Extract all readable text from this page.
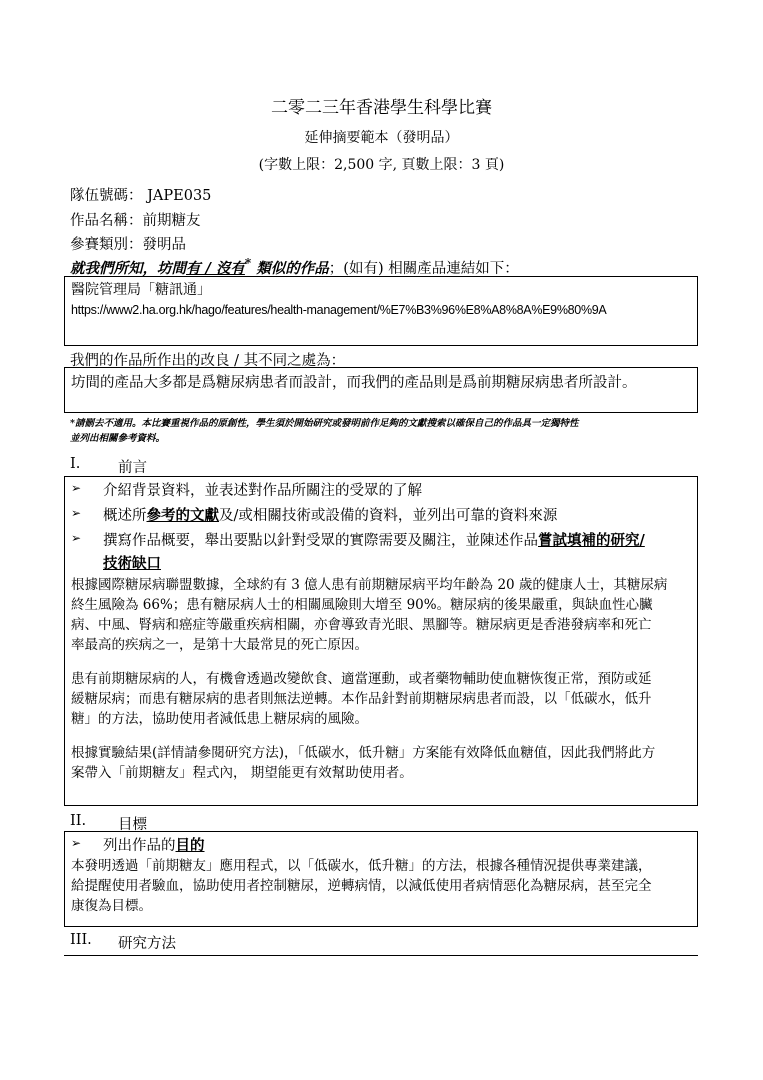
二零二三年香港學生科學比賽
延伸摘要範本（發明品）
(字數上限：2,500 字, 頁數上限：3 頁)
隊伍號碼： JAPE035
作品名稱：前期糖友
參賽類別：發明品
就我們所知，坊間有 / 沒有* 類似的作品；(如有) 相關產品連結如下：
醫院管理局「糖訊通」
https://www2.ha.org.hk/hago/features/health-management/%E7%B3%96%E8%A8%8A%E9%80%9A
我們的作品所作出的改良 / 其不同之處為：
坊間的產品大多都是爲糖尿病患者而設計，而我們的產品則是爲前期糖尿病患者所設計。
*請刪去不適用。本比賽重視作品的原創性，學生須於開始研究或發明前作足夠的文獻搜索以確保自己的作品具一定獨特性
並列出相關參考資料。
I.	前言
➢ 介紹背景資料，並表述對作品所關注的受眾的了解
➢ 概述所參考的文獻及/或相關技術或設備的資料，並列出可靠的資料來源
➢ 撰寫作品概要，舉出要點以針對受眾的實際需要及關注，並陳述作品嘗試填補的研究/
技術缺口
根據國際糖尿病聯盟數據，全球約有 3 億人患有前期糖尿病平均年齡為 20 歲的健康人士，其糖尿病
終生風險為 66%；患有糖尿病人士的相關風險則大增至 90%。糖尿病的後果嚴重，與缺血性心臟
病、中風、腎病和癌症等嚴重疾病相關，亦會導致青光眼、黑腳等。糖尿病更是香港發病率和死亡
率最高的疾病之一，是第十大最常見的死亡原因。
患有前期糖尿病的人，有機會透過改變飲食、適當運動，或者藥物輔助使血糖恢復正常，預防或延
緩糖尿病；而患有糖尿病的患者則無法逆轉。本作品針對前期糖尿病患者而設，以「低碳水，低升
糖」的方法，協助使用者減低患上糖尿病的風險。
根據實驗結果(詳情請參閱研究方法)，「低碳水，低升糖」方案能有效降低血糖值，因此我們將此方
案帶入「前期糖友」程式內， 期望能更有效幫助使用者。
II. 目標
➢ 列出作品的目的
本發明透過「前期糖友」應用程式，以「低碳水，低升糖」的方法，根據各種情況提供專業建議，
給提醒使用者驗血，協助使用者控制糖尿，逆轉病情，以減低使用者病情惡化為糖尿病，甚至完全
康復為目標。
III. 研究方法
